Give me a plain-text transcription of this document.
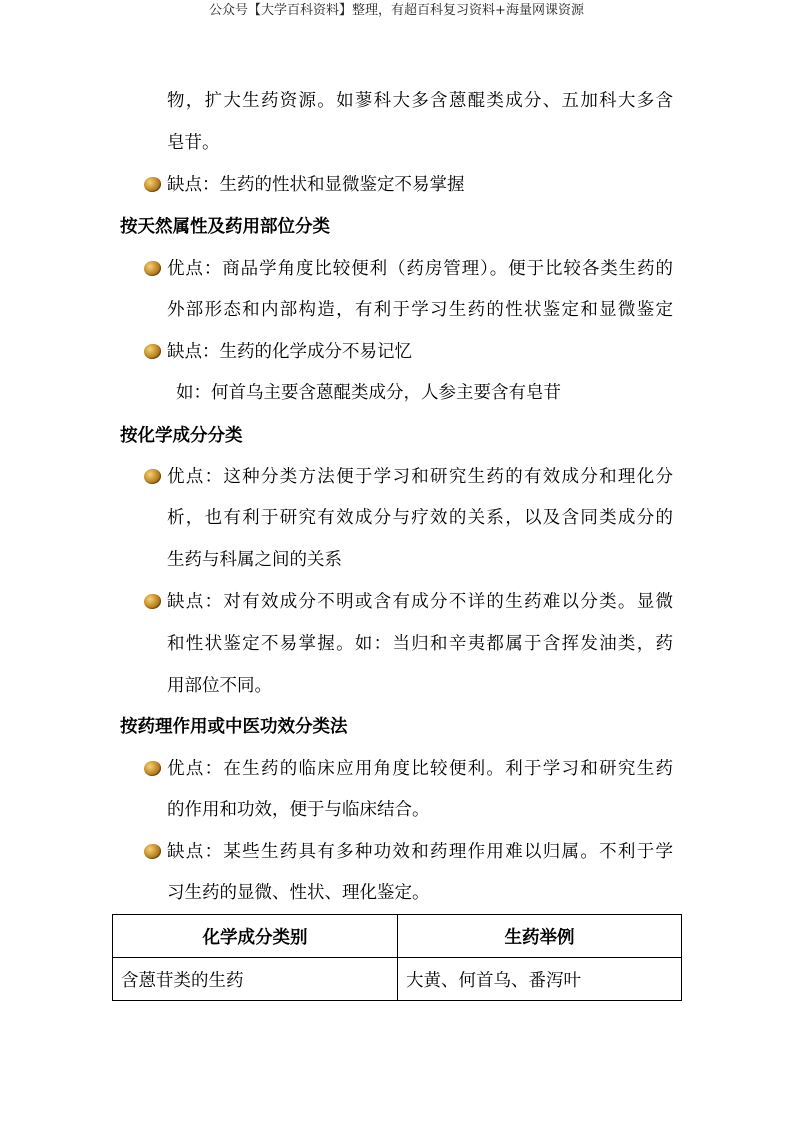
公众号【大学百科资料】整理，有超百科复习资料+海量网课资源
物，扩大生药资源。如蓼科大多含蒽醌类成分、五加科大多含
皂苷。
缺点：生药的性状和显微鉴定不易掌握
按天然属性及药用部位分类
优点：商品学角度比较便利（药房管理）。便于比较各类生药的
外部形态和内部构造，有利于学习生药的性状鉴定和显微鉴定
缺点：生药的化学成分不易记忆
如：何首乌主要含蒽醌类成分，人参主要含有皂苷
按化学成分分类
优点：这种分类方法便于学习和研究生药的有效成分和理化分
析，也有利于研究有效成分与疗效的关系，以及含同类成分的
生药与科属之间的关系
缺点：对有效成分不明或含有成分不详的生药难以分类。显微
和性状鉴定不易掌握。如：当归和辛夷都属于含挥发油类，药
用部位不同。
按药理作用或中医功效分类法
优点：在生药的临床应用角度比较便利。利于学习和研究生药
的作用和功效，便于与临床结合。
缺点：某些生药具有多种功效和药理作用难以归属。不利于学
习生药的显微、性状、理化鉴定。
化学成分类别	生药举例
含蒽苷类的生药	大黄、何首乌、番泻叶
